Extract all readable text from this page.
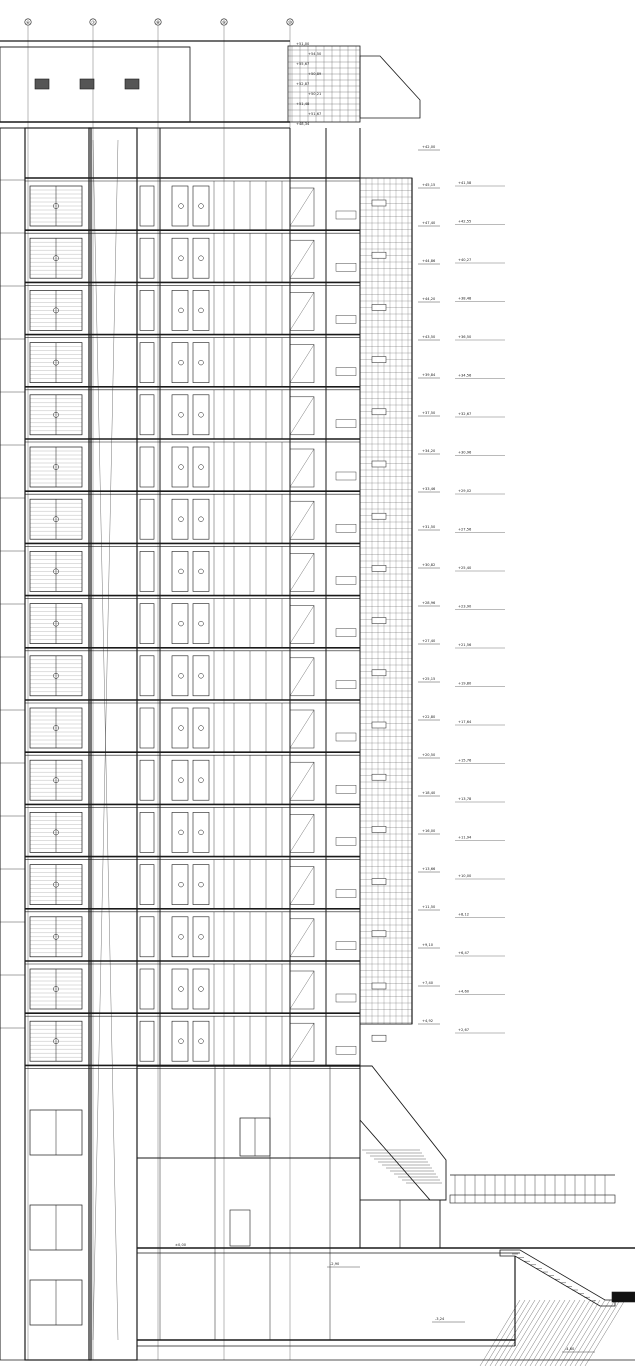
⑥	⑦	⑧	⑨	⑩
+42,00
+45,15
+47,40
+44,86
+44,20
+43,50
+39,84
+37,50
+34,20
+33,46
+31,50
+30,82
+28,96
+27,40
+25,15
+22,80
+20,50
+18,40
+16,00
+13,66
+11,50
+9,10
+7,40
+4,92
+41,58
+42,55
+40,27
+38,48
+36,50
+34,56
+32,67
+30,96
+29,02
+27,56
+25,40
+23,90
+21,56
+19,80
+17,64
+15,76
+13,78
+11,94
+10,00
+8,12
+6,47
+4,60
+2,67
+51,00
+54,50
+55,67
+50,89
+52,87
+50,21
+51,48
+51,67
+48,34
±0,00
-2,90
-3,24
-4,80
